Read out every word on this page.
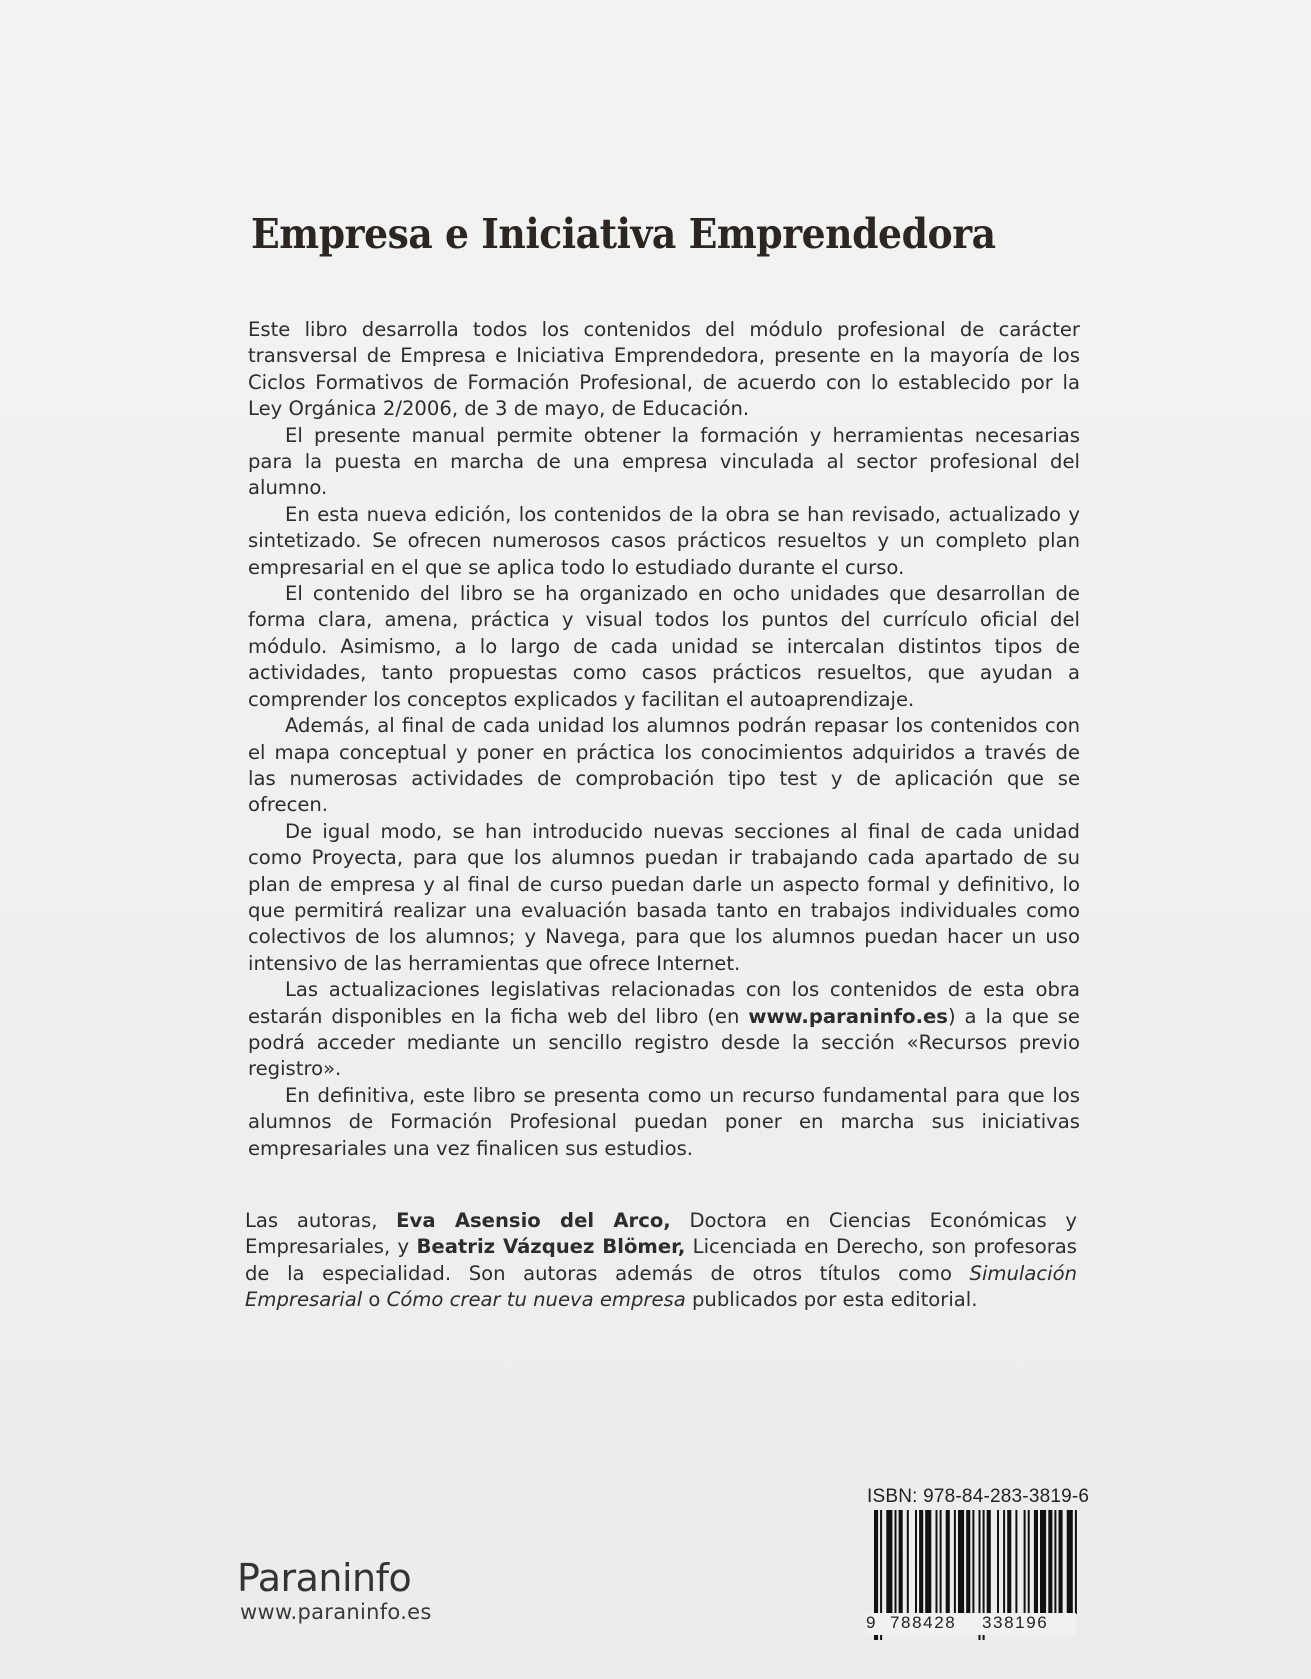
Empresa e Iniciativa Emprendedora

Este libro desarrolla todos los contenidos del módulo profesional de carácter transversal de Empresa e Iniciativa Emprendedora, presente en la mayoría de los Ciclos Formativos de Formación Profesional, de acuerdo con lo establecido por la Ley Orgánica 2/2006, de 3 de mayo, de Educación.

El presente manual permite obtener la formación y herramientas necesarias para la puesta en marcha de una empresa vinculada al sector profesional del alumno.

En esta nueva edición, los contenidos de la obra se han revisado, actualizado y sintetizado. Se ofrecen numerosos casos prácticos resueltos y un completo plan empresarial en el que se aplica todo lo estudiado durante el curso.

El contenido del libro se ha organizado en ocho unidades que desarrollan de forma clara, amena, práctica y visual todos los puntos del currículo oficial del módulo. Asimismo, a lo largo de cada unidad se intercalan distintos tipos de actividades, tanto propuestas como casos prácticos resueltos, que ayudan a comprender los conceptos explicados y facilitan el autoaprendizaje.

Además, al final de cada unidad los alumnos podrán repasar los contenidos con el mapa conceptual y poner en práctica los conocimientos adquiridos a través de las numerosas actividades de comprobación tipo test y de aplicación que se ofrecen.

De igual modo, se han introducido nuevas secciones al final de cada unidad como Proyecta, para que los alumnos puedan ir trabajando cada apartado de su plan de empresa y al final de curso puedan darle un aspecto formal y definitivo, lo que permitirá realizar una evaluación basada tanto en trabajos individuales como colectivos de los alumnos; y Navega, para que los alumnos puedan hacer un uso intensivo de las herramientas que ofrece Internet.

Las actualizaciones legislativas relacionadas con los contenidos de esta obra estarán disponibles en la ficha web del libro (en www.paraninfo.es) a la que se podrá acceder mediante un sencillo registro desde la sección «Recursos previo registro».

En definitiva, este libro se presenta como un recurso fundamental para que los alumnos de Formación Profesional puedan poner en marcha sus iniciativas empresariales una vez finalicen sus estudios.

Las autoras, Eva Asensio del Arco, Doctora en Ciencias Económicas y Empresariales, y Beatriz Vázquez Blömer, Licenciada en Derecho, son profesoras de la especialidad. Son autoras además de otros títulos como Simulación Empresarial o Cómo crear tu nueva empresa publicados por esta editorial.

Paraninfo
www.paraninfo.es
ISBN: 978-84-283-3819-6
9 788428 338196
